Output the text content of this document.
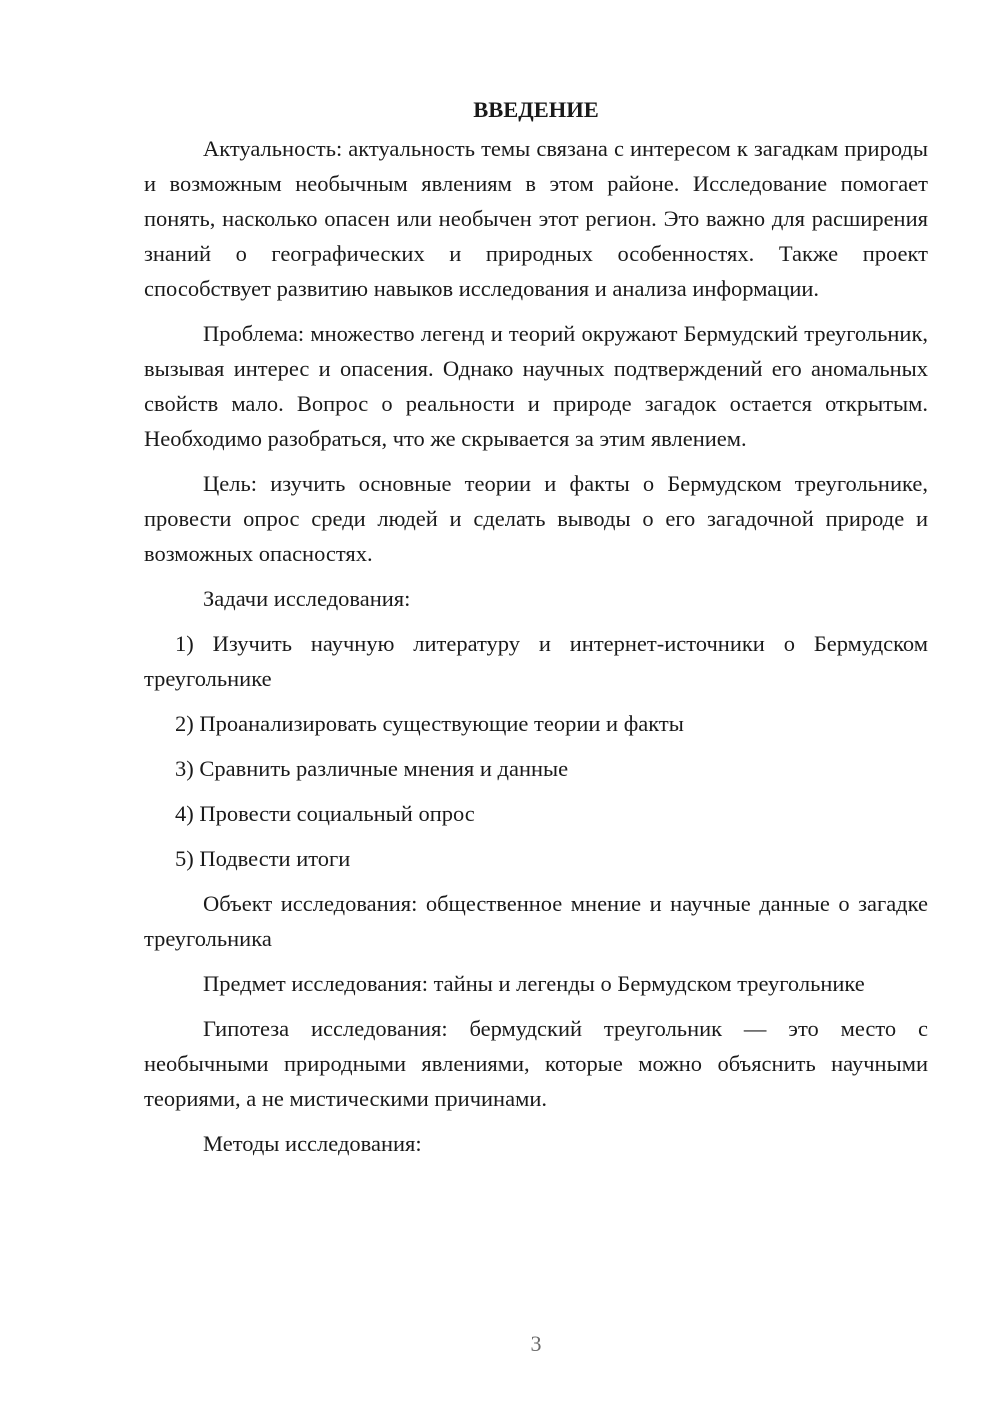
ВВЕДЕНИЕ

Актуальность: актуальность темы связана с интересом к загадкам природы и возможным необычным явлениям в этом районе. Исследование помогает понять, насколько опасен или необычен этот регион. Это важно для расширения знаний о географических и природных особенностях. Также проект способствует развитию навыков исследования и анализа информации.

Проблема: множество легенд и теорий окружают Бермудский треугольник, вызывая интерес и опасения. Однако научных подтверждений его аномальных свойств мало. Вопрос о реальности и природе загадок остается открытым. Необходимо разобраться, что же скрывается за этим явлением.

Цель: изучить основные теории и факты о Бермудском треугольнике, провести опрос среди людей и сделать выводы о его загадочной природе и возможных опасностях.

Задачи исследования:

1) Изучить научную литературу и интернет-источники о Бермудском треугольнике

2) Проанализировать существующие теории и факты

3) Сравнить различные мнения и данные

4) Провести социальный опрос

5) Подвести итоги

Объект исследования: общественное мнение и научные данные о загадке треугольника

Предмет исследования: тайны и легенды о Бермудском треугольнике

Гипотеза исследования: бермудский треугольник — это место с необычными природными явлениями, которые можно объяснить научными теориями, а не мистическими причинами.

Методы исследования:

3
